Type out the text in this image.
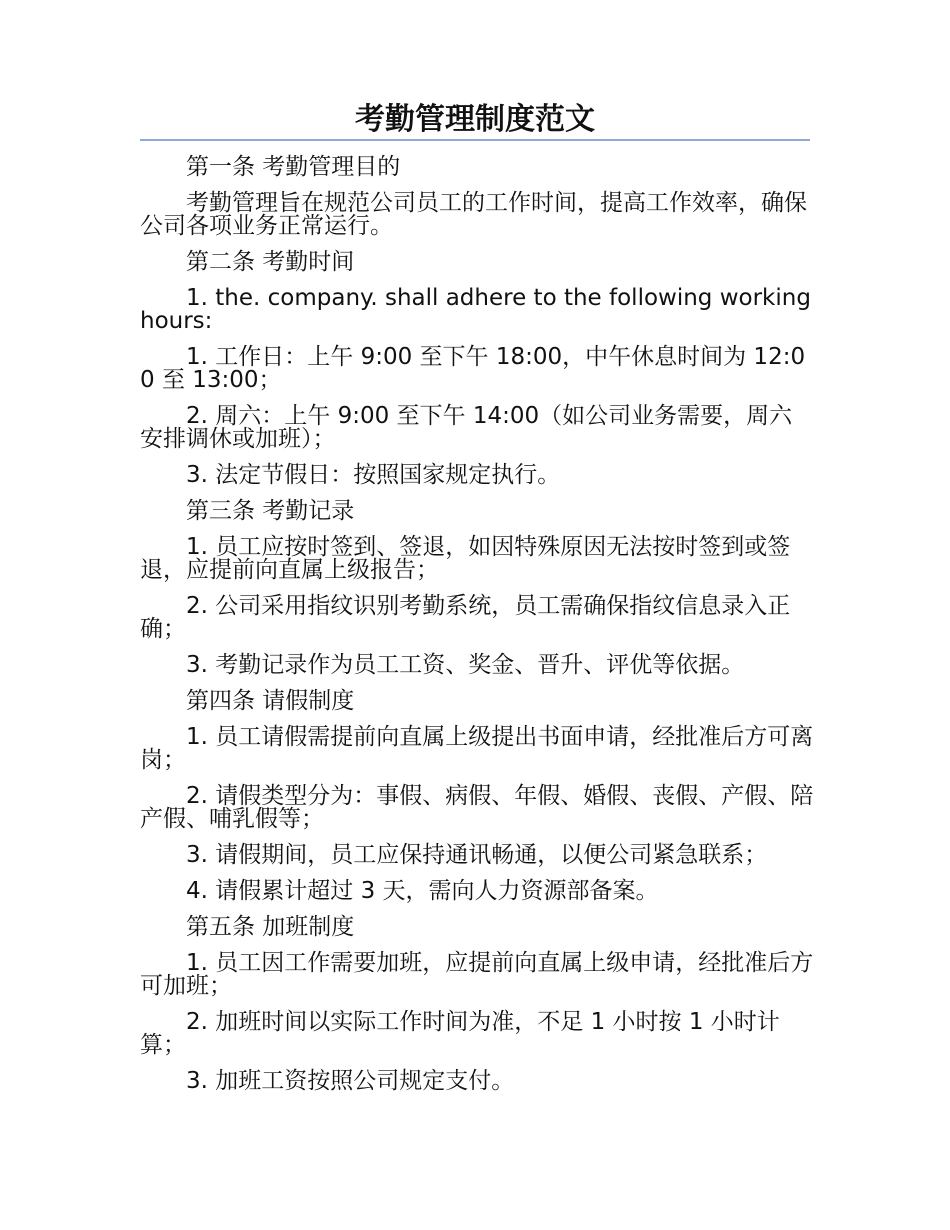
考勤管理制度范文

第一条 考勤管理目的

考勤管理旨在规范公司员工的工作时间，提高工作效率，确保公司各项业务正常运行。

第二条 考勤时间

1. the. company. shall adhere to the following working hours:

1. 工作日：上午 9:00 至下午 18:00，中午休息时间为 12:00 至 13:00；

2. 周六：上午 9:00 至下午 14:00（如公司业务需要，周六安排调休或加班）；

3. 法定节假日：按照国家规定执行。

第三条 考勤记录

1. 员工应按时签到、签退，如因特殊原因无法按时签到或签退，应提前向直属上级报告；

2. 公司采用指纹识别考勤系统，员工需确保指纹信息录入正确；

3. 考勤记录作为员工工资、奖金、晋升、评优等依据。

第四条 请假制度

1. 员工请假需提前向直属上级提出书面申请，经批准后方可离岗；

2. 请假类型分为：事假、病假、年假、婚假、丧假、产假、陪产假、哺乳假等；

3. 请假期间，员工应保持通讯畅通，以便公司紧急联系；

4. 请假累计超过 3 天，需向人力资源部备案。

第五条 加班制度

1. 员工因工作需要加班，应提前向直属上级申请，经批准后方可加班；

2. 加班时间以实际工作时间为准，不足 1 小时按 1 小时计算；

3. 加班工资按照公司规定支付。
